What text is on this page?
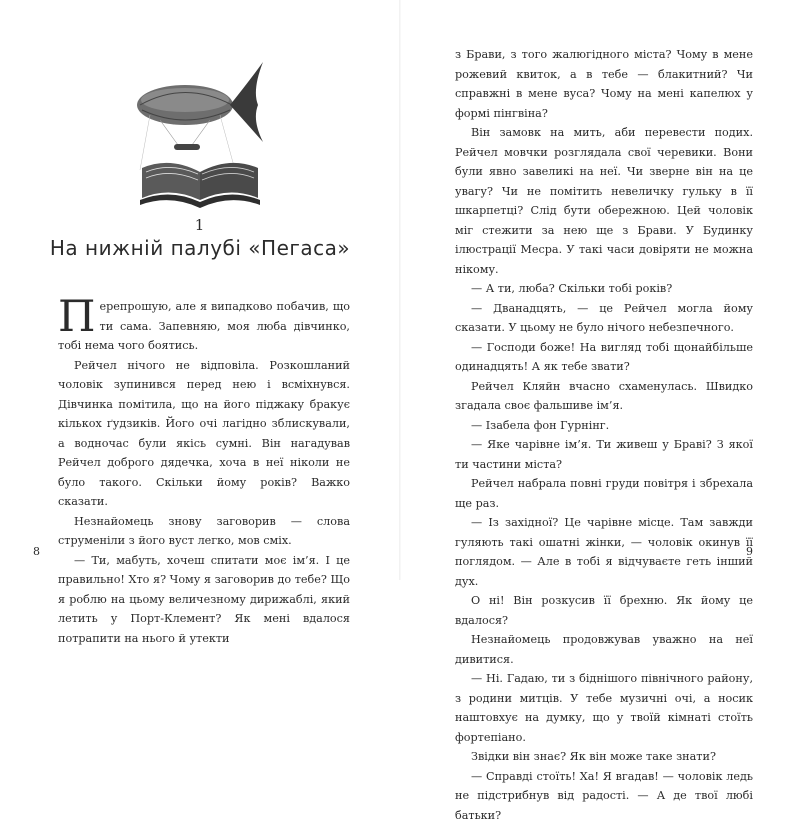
1
На нижній палубі «Пегаса»

Перепрошую, але я випадково побачив, що ти сама. Запевняю, моя люба дівчинко, тобі нема чого боятись.

Рейчел нічого не відповіла. Розкошланий чоловік зупинився перед нею і всміхнувся. Дівчинка помітила, що на його піджаку бракує кількох ґудзиків. Його очі лагідно зблискували, а водночас були якісь сумні. Він нагадував Рейчел доброго дядечка, хоча в неї ніколи не було такого. Скільки йому років? Важко сказати.

Незнайомець знову заговорив — слова струменіли з його вуст легко, мов сміх.

— Ти, мабуть, хочеш спитати моє ім’я. І це правильно! Хто я? Чому я заговорив до тебе? Що я роблю на цьому величезному дирижаблі, який летить у Порт-Клемент? Як мені вдалося потрапити на нього й утекти

8

з Брави, з того жалюгідного міста? Чому в мене рожевий квиток, а в тебе — блакитний? Чи справжні в мене вуса? Чому на мені капелюх у формі пінгвіна?

Він замовк на мить, аби перевести подих. Рейчел мовчки розглядала свої черевики. Вони були явно завеликі на неї. Чи зверне він на це увагу? Чи не помітить невеличку гульку в її шкарпетці? Слід бути обережною. Цей чоловік міг стежити за нею ще з Брави. У Будинку ілюстрації Месра. У такі часи довіряти не можна нікому.

— А ти, люба? Скільки тобі років?

— Дванадцять, — це Рейчел могла йому сказати. У цьому не було нічого небезпечного.

— Господи боже! На вигляд тобі щонайбільше одинадцять! А як тебе звати?

Рейчел Кляйн вчасно схаменулась. Швидко згадала своє фальшиве ім’я.

— Ізабела фон Гурнінг.

— Яке чарівне ім’я. Ти живеш у Браві? З якої ти частини міста?

Рейчел набрала повні груди повітря і збрехала ще раз.

— Із західної? Це чарівне місце. Там завжди гуляють такі ошатні жінки, — чоловік окинув її поглядом. — Але в тобі я відчуваєте геть інший дух.

О ні! Він розкусив її брехню. Як йому це вдалося?

Незнайомець продовжував уважно на неї дивитися.

— Ні. Гадаю, ти з біднішого північного району, з родини митців. У тебе музичні очі, а носик наштовхує на думку, що у твоїй кімнаті стоїть фортепіано.

Звідки він знає? Як він може таке знати?

— Справді стоїть! Ха! Я вгадав! — чоловік ледь не підстрибнув від радості. — А де твої любі батьки?

9
